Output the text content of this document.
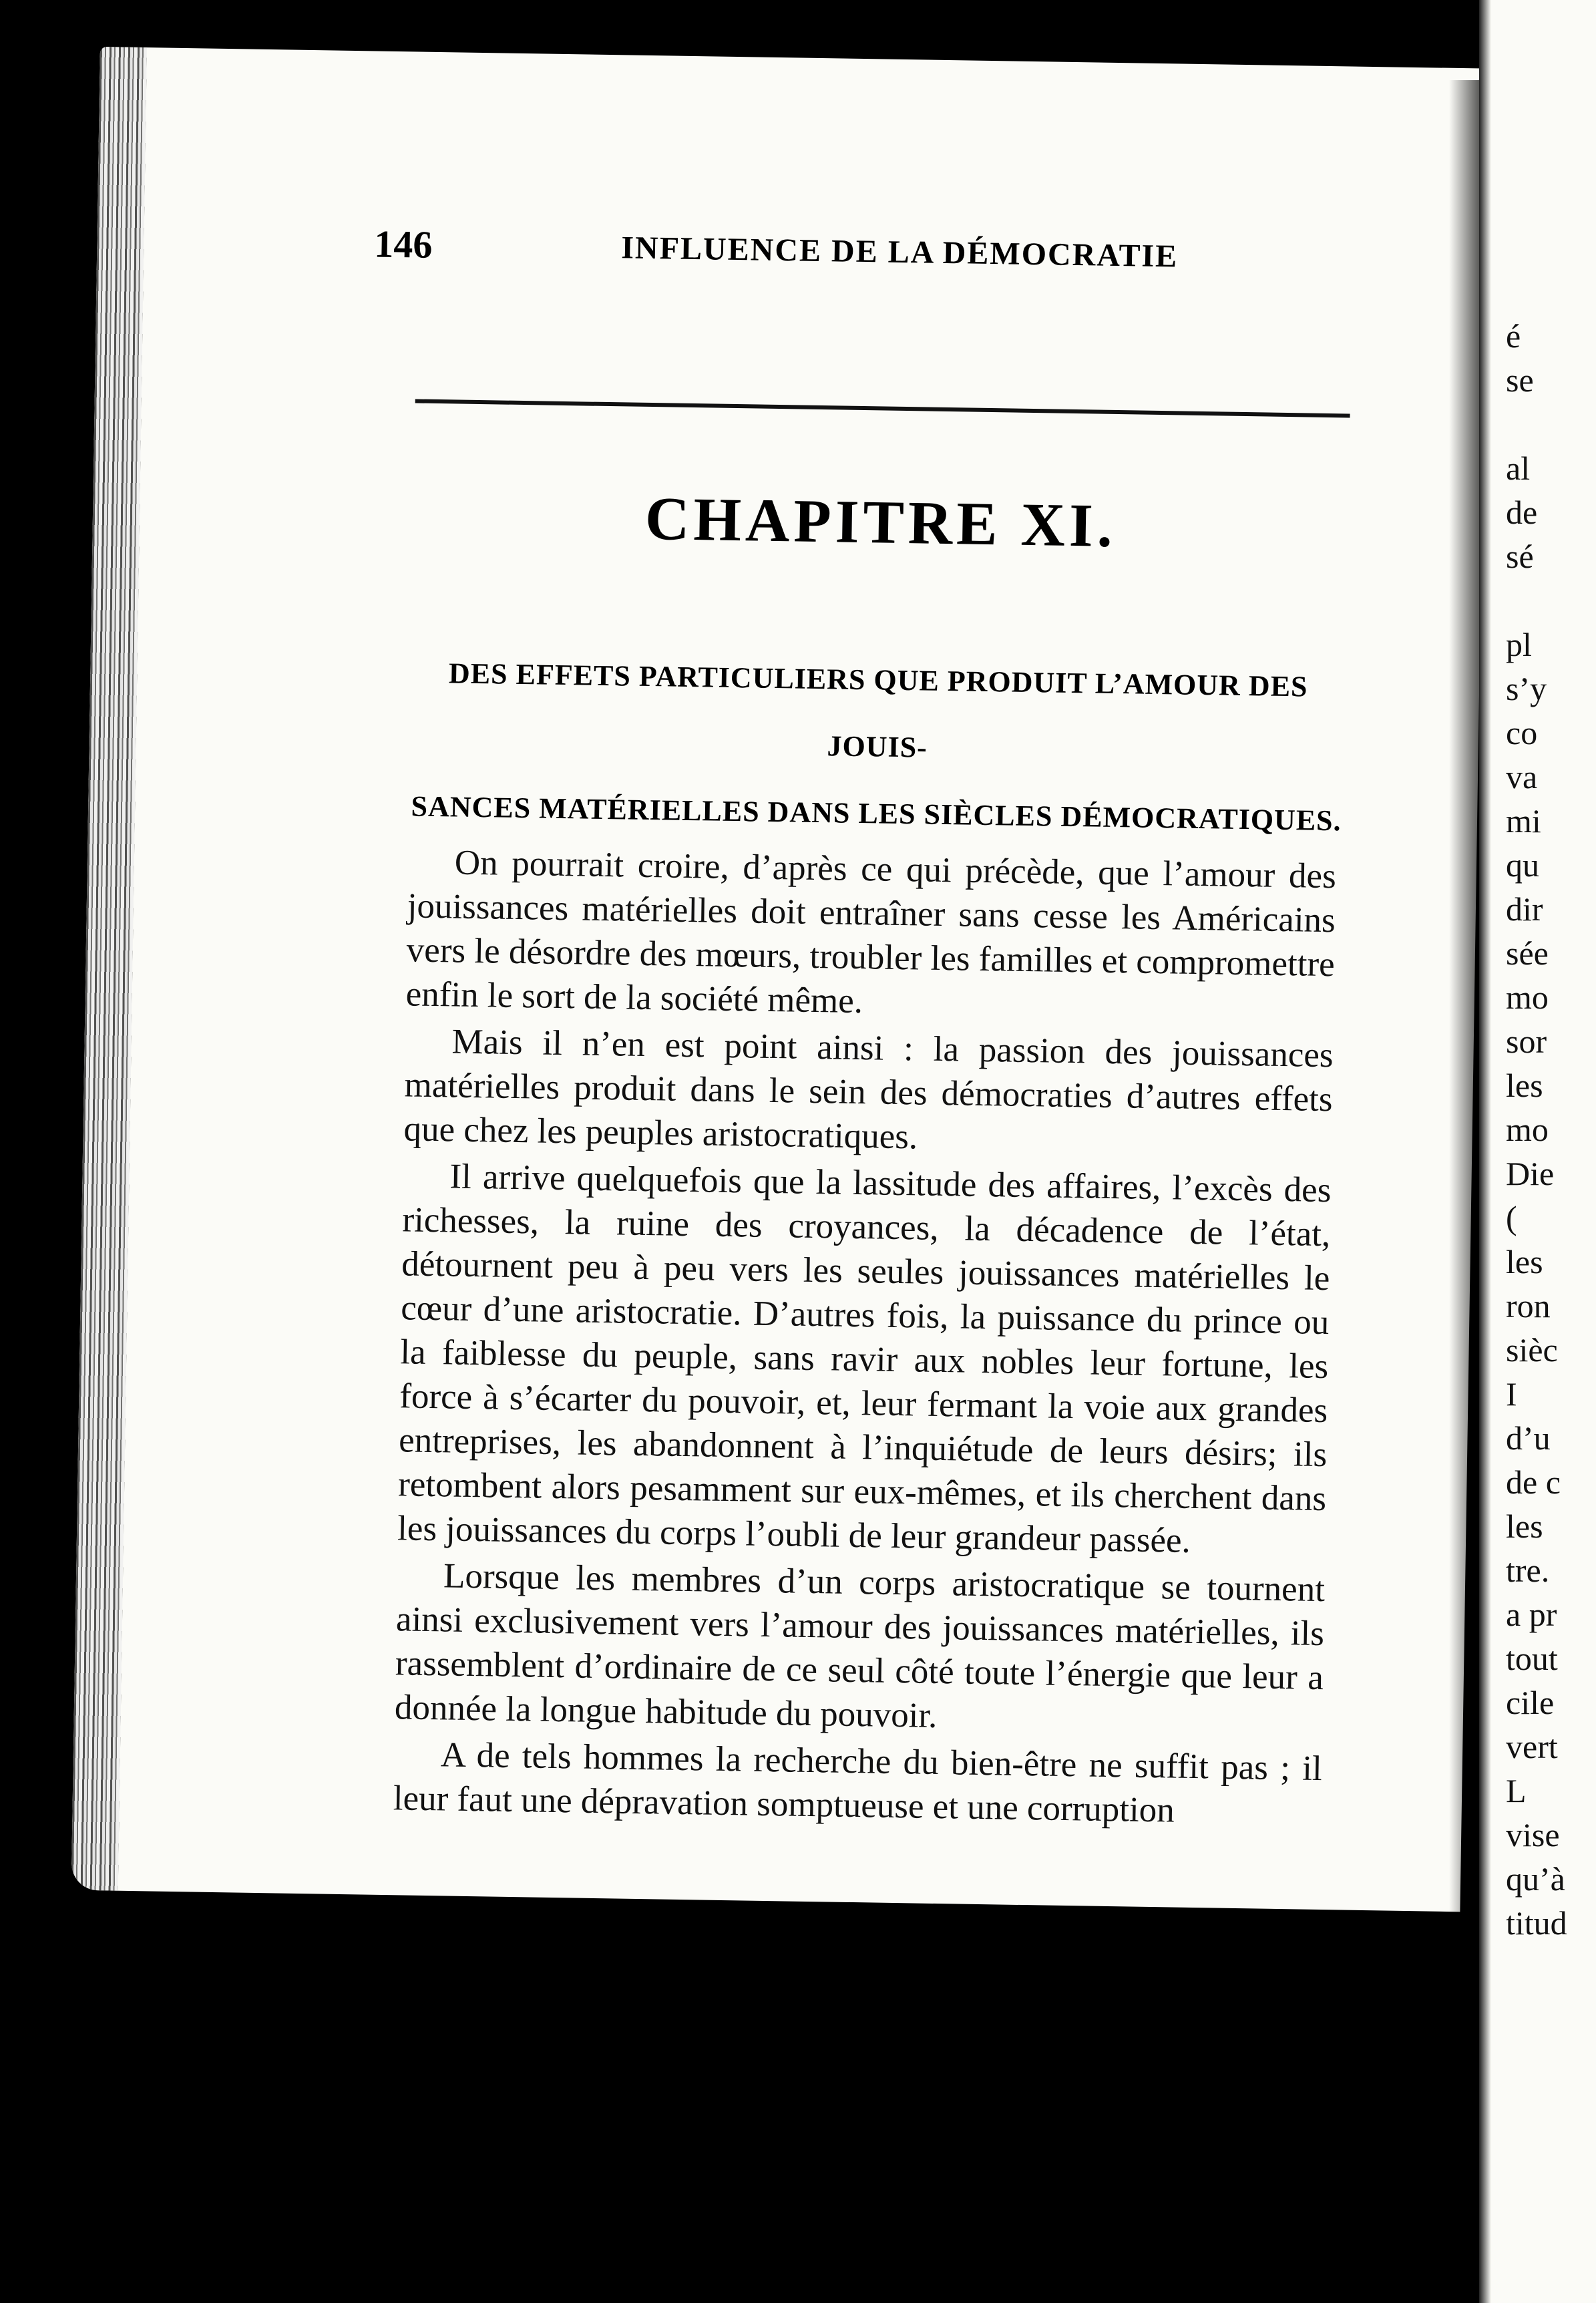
146	INFLUENCE DE LA DÉMOCRATIE
CHAPITRE XI.
DES EFFETS PARTICULIERS QUE PRODUIT L’AMOUR DES JOUIS-
SANCES MATÉRIELLES DANS LES SIÈCLES DÉMOCRATIQUES.

On pourrait croire, d’après ce qui précède, que l’amour des jouissances matérielles doit entraîner sans cesse les Américains vers le désordre des mœurs, troubler les familles et compromettre enfin le sort de la société même.

Mais il n’en est point ainsi : la passion des jouissances matérielles produit dans le sein des démocraties d’autres effets que chez les peuples aristocratiques.

Il arrive quelquefois que la lassitude des affaires, l’excès des richesses, la ruine des croyances, la décadence de l’état, détournent peu à peu vers les seules jouissances matérielles le cœur d’une aristocratie. D’autres fois, la puissance du prince ou la faiblesse du peuple, sans ravir aux nobles leur fortune, les force à s’écarter du pouvoir, et, leur fermant la voie aux grandes entreprises, les abandonnent à l’inquiétude de leurs désirs; ils retombent alors pesamment sur eux-mêmes, et ils cherchent dans les jouissances du corps l’oubli de leur grandeur passée.

Lorsque les membres d’un corps aristocratique se tournent ainsi exclusivement vers l’amour des jouissances matérielles, ils rassemblent d’ordinaire de ce seul côté toute l’énergie que leur a donnée la longue habitude du pouvoir.

A de tels hommes la recherche du bien-être ne suffit pas ; il leur faut une dépravation somptueuse et une corruption

é
se

al
de
sé

pl
s’y
co
va
mi
qu
dir
sée
mo
sor
les
mo
Die
(
les
ron
sièc
I
d’u
de c
les
tre.
a pr
tout
cile
vert
L
vise
qu’à
titud
